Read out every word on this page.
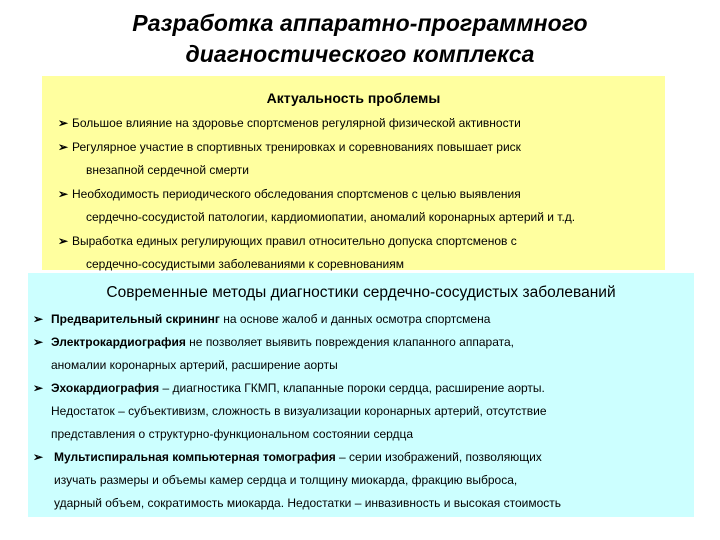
Разработка аппаратно-программного
диагностического комплекса
Актуальность проблемы
➢ Большое влияние на здоровье спортсменов регулярной физической активности
➢ Регулярное участие в спортивных тренировках и соревнованиях повышает риск
внезапной сердечной смерти
➢ Необходимость периодического обследования спортсменов с целью выявления
сердечно-сосудистой патологии, кардиомиопатии, аномалий коронарных артерий и т.д.
➢ Выработка единых регулирующих правил относительно допуска спортсменов с
сердечно-сосудистыми заболеваниями к соревнованиям
Современные методы диагностики сердечно-сосудистых заболеваний
➢ Предварительный скрининг на основе жалоб и данных осмотра спортсмена
➢ Электрокардиография не позволяет выявить повреждения клапанного аппарата,
аномалии коронарных артерий, расширение аорты
➢ Эхокардиография – диагностика ГКМП, клапанные пороки сердца, расширение аорты.
Недостаток – субъективизм, сложность в визуализации коронарных артерий, отсутствие
представления о структурно-функциональном состоянии сердца
➢ Мультиспиральная компьютерная томография – серии изображений, позволяющих
изучать размеры и объемы камер сердца и толщину миокарда, фракцию выброса,
ударный объем, сократимость миокарда. Недостатки – инвазивность и высокая стоимость
